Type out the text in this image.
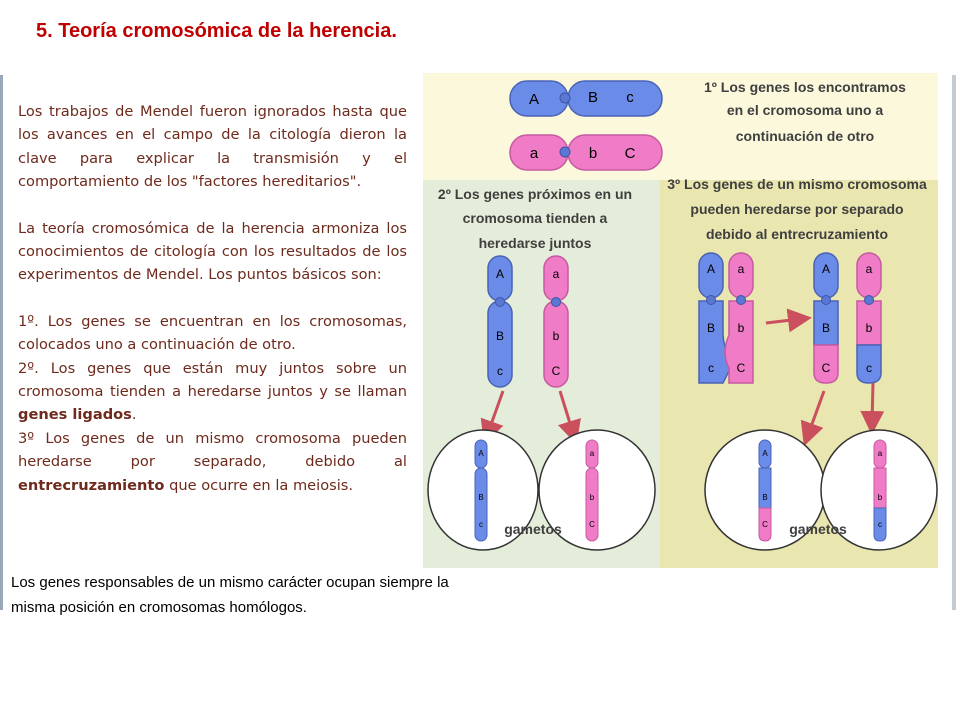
5. Teoría cromosómica de la herencia.

Los trabajos de Mendel fueron ignorados hasta que los avances en el campo de la citología dieron la clave para explicar la transmisión y el comportamiento de los "factores hereditarios".

La teoría cromosómica de la herencia armoniza los conocimientos de citología con los resultados de los experimentos de Mendel. Los puntos básicos son:

1º. Los genes se encuentran en los cromosomas, colocados uno a continuación de otro.

2º. Los genes que están muy juntos sobre un cromosoma tienden a heredarse juntos y se llaman genes ligados.

3º Los genes de un mismo cromosoma pueden heredarse por separado, debido al entrecruzamiento que ocurre en la meiosis.

Los genes responsables de un mismo carácter ocupan siempre la misma posición en cromosomas homólogos.
1º Los genes los encontramos
en el cromosoma uno a
continuación de otro
2º Los genes próximos en un
cromosoma tienden a
heredarse juntos
3º Los genes de un mismo cromosoma
pueden heredarse por separado
debido al entrecruzamiento
A	B c
a	b C
A
B
c
a
b
C
A
B
c
a
b
C
gametos
A
B
c
a
b
C
A
B
C
a
b
c
A
B
C
a
b
c
gametos
